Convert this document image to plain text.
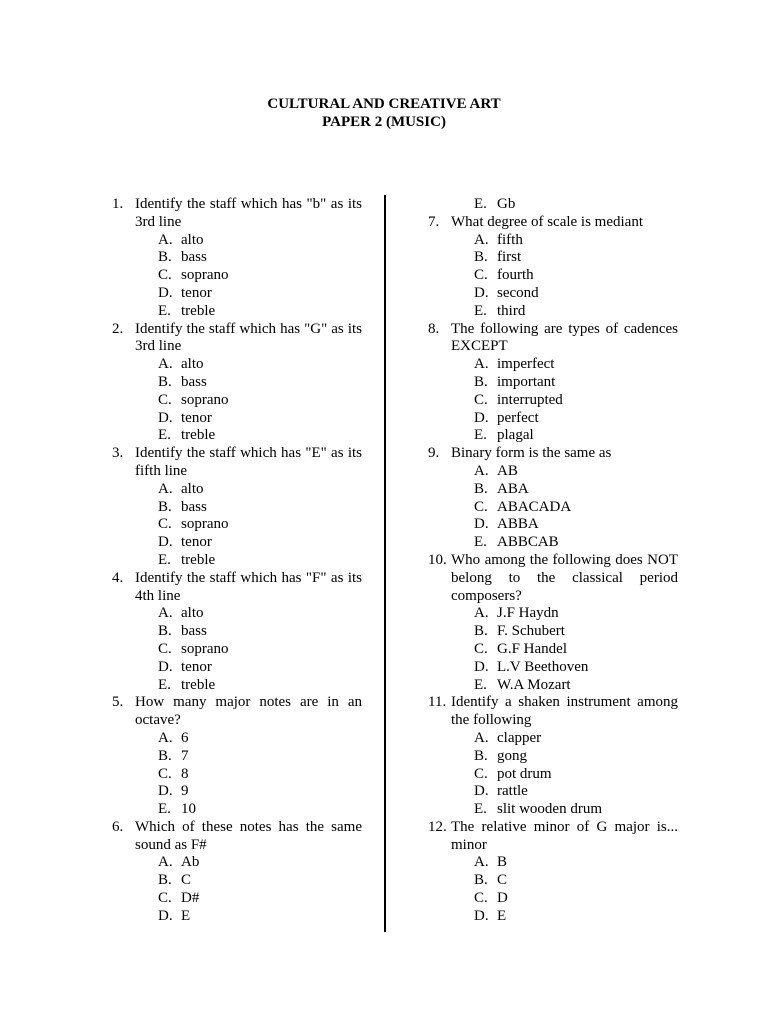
CULTURAL AND CREATIVE ART
PAPER 2 (MUSIC)
1. Identify the staff which has "b" as its 3rd line
A. alto
B. bass
C. soprano
D. tenor
E. treble
2. Identify the staff which has "G" as its 3rd line
A. alto
B. bass
C. soprano
D. tenor
E. treble
3. Identify the staff which has "E" as its fifth line
A. alto
B. bass
C. soprano
D. tenor
E. treble
4. Identify the staff which has "F" as its 4th line
A. alto
B. bass
C. soprano
D. tenor
E. treble
5. How many major notes are in an octave?
A. 6
B. 7
C. 8
D. 9
E. 10
6. Which of these notes has the same sound as F#
A. Ab
B. C
C. D#
D. E
E. Gb
7. What degree of scale is mediant
A. fifth
B. first
C. fourth
D. second
E. third
8. The following are types of cadences EXCEPT
A. imperfect
B. important
C. interrupted
D. perfect
E. plagal
9. Binary form is the same as
A. AB
B. ABA
C. ABACADA
D. ABBA
E. ABBCAB
10. Who among the following does NOT belong to the classical period composers?
A. J.F Haydn
B. F. Schubert
C. G.F Handel
D. L.V Beethoven
E. W.A Mozart
11. Identify a shaken instrument among the following
A. clapper
B. gong
C. pot drum
D. rattle
E. slit wooden drum
12. The relative minor of G major is... minor
A. B
B. C
C. D
D. E
